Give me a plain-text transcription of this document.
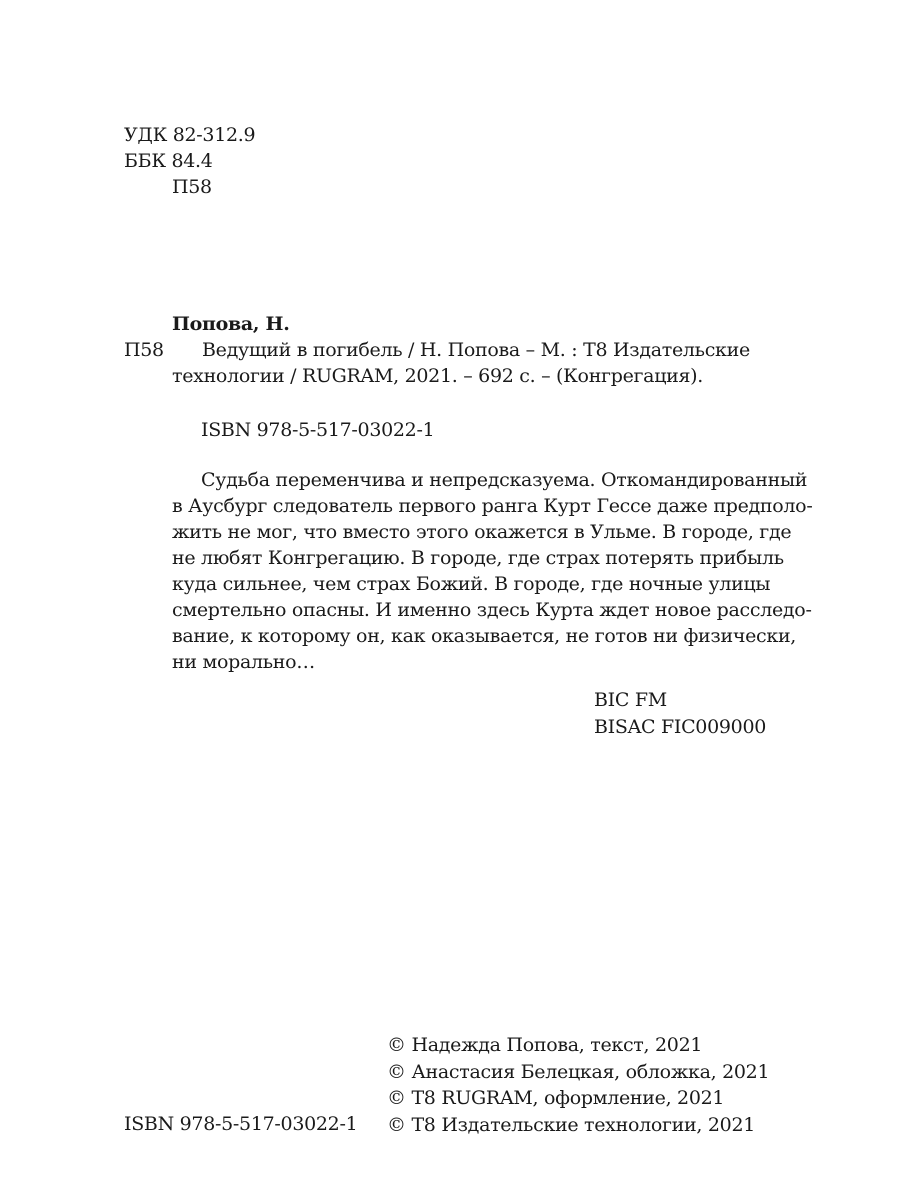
УДК 82-312.9
ББК 84.4
П58
Попова, Н.
П58 Ведущий в погибель / Н. Попова – М. : Т8 Издательские
технологии / RUGRAM, 2021. – 692 с. – (Конгрегация).
ISBN 978-5-517-03022-1
Судьба переменчива и непредсказуема. Откомандированный
в Аусбург следователь первого ранга Курт Гессе даже предполо-
жить не мог, что вместо этого окажется в Ульме. В городе, где
не любят Конгрегацию. В городе, где страх потерять прибыль
куда сильнее, чем страх Божий. В городе, где ночные улицы
смертельно опасны. И именно здесь Курта ждет новое расследо-
вание, к которому он, как оказывается, не готов ни физически,
ни морально…
BIC FM
BISAC FIC009000
© Надежда Попова, текст, 2021
© Анастасия Белецкая, обложка, 2021
© Т8 RUGRAM, оформление, 2021
© Т8 Издательские технологии, 2021
ISBN 978-5-517-03022-1
